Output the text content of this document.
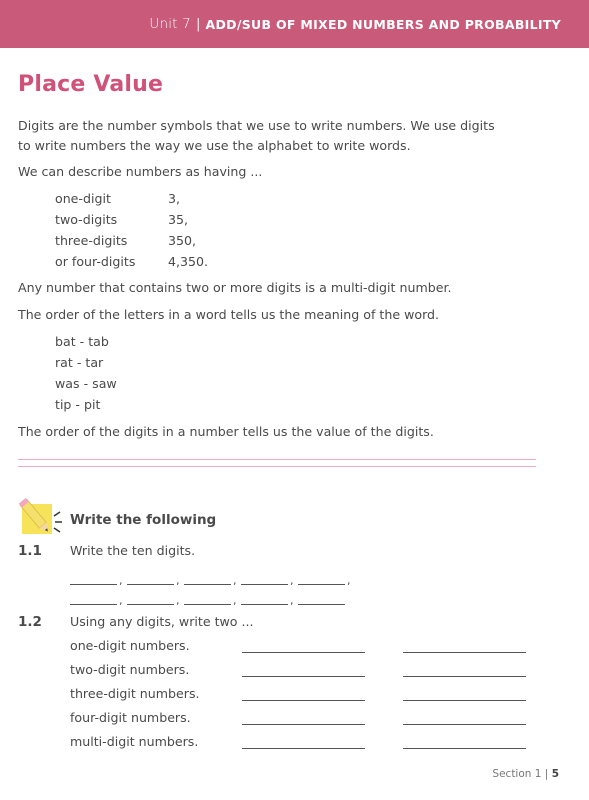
Unit 7 | ADD/SUB OF MIXED NUMBERS AND PROBABILITY
Place Value
Digits are the number symbols that we use to write numbers. We use digits
to write numbers the way we use the alphabet to write words.
We can describe numbers as having ...
one-digit	3,
two-digits	35,
three-digits	350,
or four-digits	4,350.
Any number that contains two or more digits is a multi-digit number.
The order of the letters in a word tells us the meaning of the word.
bat - tab
rat - tar
was - saw
tip - pit
The order of the digits in a number tells us the value of the digits.
Write the following
1.1 Write the ten digits.
,	,	,	,	,
,	,	,	,
1.2 Using any digits, write two ...
one-digit numbers.
two-digit numbers.
three-digit numbers.
four-digit numbers.
multi-digit numbers.
Section 1 | 5
